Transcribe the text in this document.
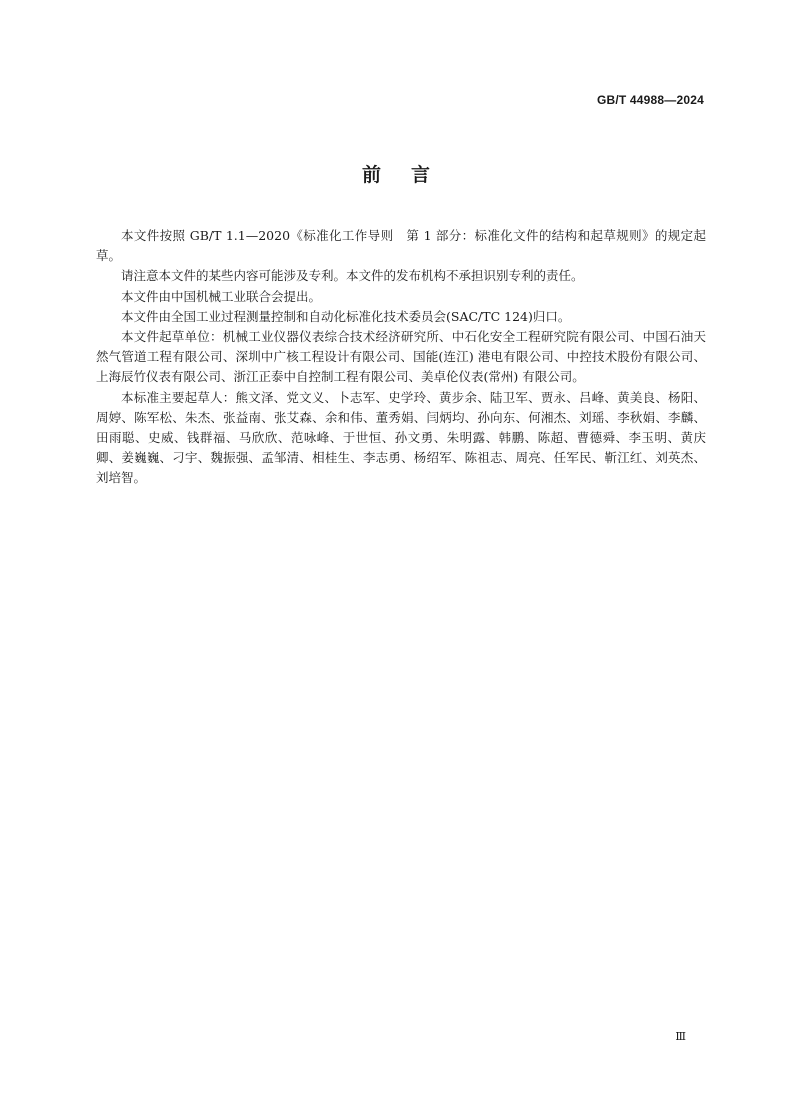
GB/T 44988—2024
前言

本文件按照 GB/T 1.1—2020《标准化工作导则　第 1 部分：标准化文件的结构和起草规则》的规定起草。

请注意本文件的某些内容可能涉及专利。本文件的发布机构不承担识别专利的责任。

本文件由中国机械工业联合会提出。

本文件由全国工业过程测量控制和自动化标准化技术委员会(SAC/TC 124)归口。

本文件起草单位：机械工业仪器仪表综合技术经济研究所、中石化安全工程研究院有限公司、中国石油天然气管道工程有限公司、深圳中广核工程设计有限公司、国能(连江) 港电有限公司、中控技术股份有限公司、上海辰竹仪表有限公司、浙江正泰中自控制工程有限公司、美卓伦仪表(常州) 有限公司。

本标准主要起草人：熊文泽、党文义、卜志军、史学玲、黄步余、陆卫军、贾永、吕峰、黄美良、杨阳、周婷、陈军松、朱杰、张益南、张艾森、余和伟、董秀娟、闫炳均、孙向东、何湘杰、刘瑶、李秋娟、李麟、田雨聪、史威、钱群福、马欣欣、范咏峰、于世恒、孙文勇、朱明露、韩鹏、陈超、曹德舜、李玉明、黄庆卿、姜巍巍、刁宇、魏振强、孟邹清、相桂生、李志勇、杨绍军、陈祖志、周亮、任军民、靳江红、刘英杰、刘培智。

Ⅲ
